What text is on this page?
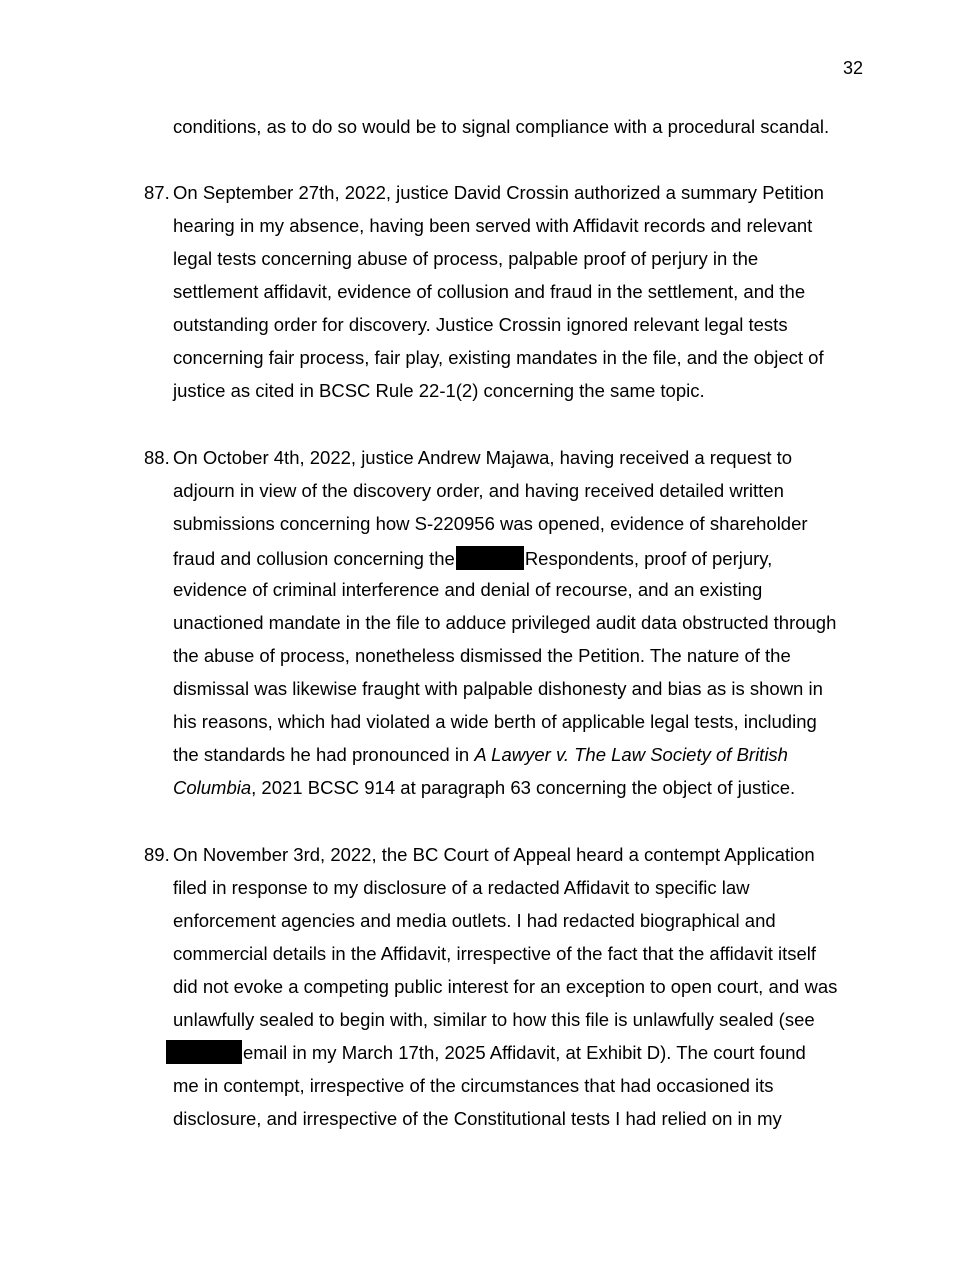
32
conditions, as to do so would be to signal compliance with a procedural scandal.
87. On September 27th, 2022, justice David Crossin authorized a summary Petition
hearing in my absence, having been served with Affidavit records and relevant
legal tests concerning abuse of process, palpable proof of perjury in the
settlement affidavit, evidence of collusion and fraud in the settlement, and the
outstanding order for discovery. Justice Crossin ignored relevant legal tests
concerning fair process, fair play, existing mandates in the file, and the object of
justice as cited in BCSC Rule 22-1(2) concerning the same topic.
88. On October 4th, 2022, justice Andrew Majawa, having received a request to
adjourn in view of the discovery order, and having received detailed written
submissions concerning how S-220956 was opened, evidence of shareholder
fraud and collusion concerning the	Respondents, proof of perjury,
evidence of criminal interference and denial of recourse, and an existing
unactioned mandate in the file to adduce privileged audit data obstructed through
the abuse of process, nonetheless dismissed the Petition. The nature of the
dismissal was likewise fraught with palpable dishonesty and bias as is shown in
his reasons, which had violated a wide berth of applicable legal tests, including
the standards he had pronounced in A Lawyer v. The Law Society of British
Columbia, 2021 BCSC 914 at paragraph 63 concerning the object of justice.
89. On November 3rd, 2022, the BC Court of Appeal heard a contempt Application
filed in response to my disclosure of a redacted Affidavit to specific law
enforcement agencies and media outlets. I had redacted biographical and
commercial details in the Affidavit, irrespective of the fact that the affidavit itself
did not evoke a competing public interest for an exception to open court, and was
unlawfully sealed to begin with, similar to how this file is unlawfully sealed (see
email in my March 17th, 2025 Affidavit, at Exhibit D). The court found
me in contempt, irrespective of the circumstances that had occasioned its
disclosure, and irrespective of the Constitutional tests I had relied on in my
